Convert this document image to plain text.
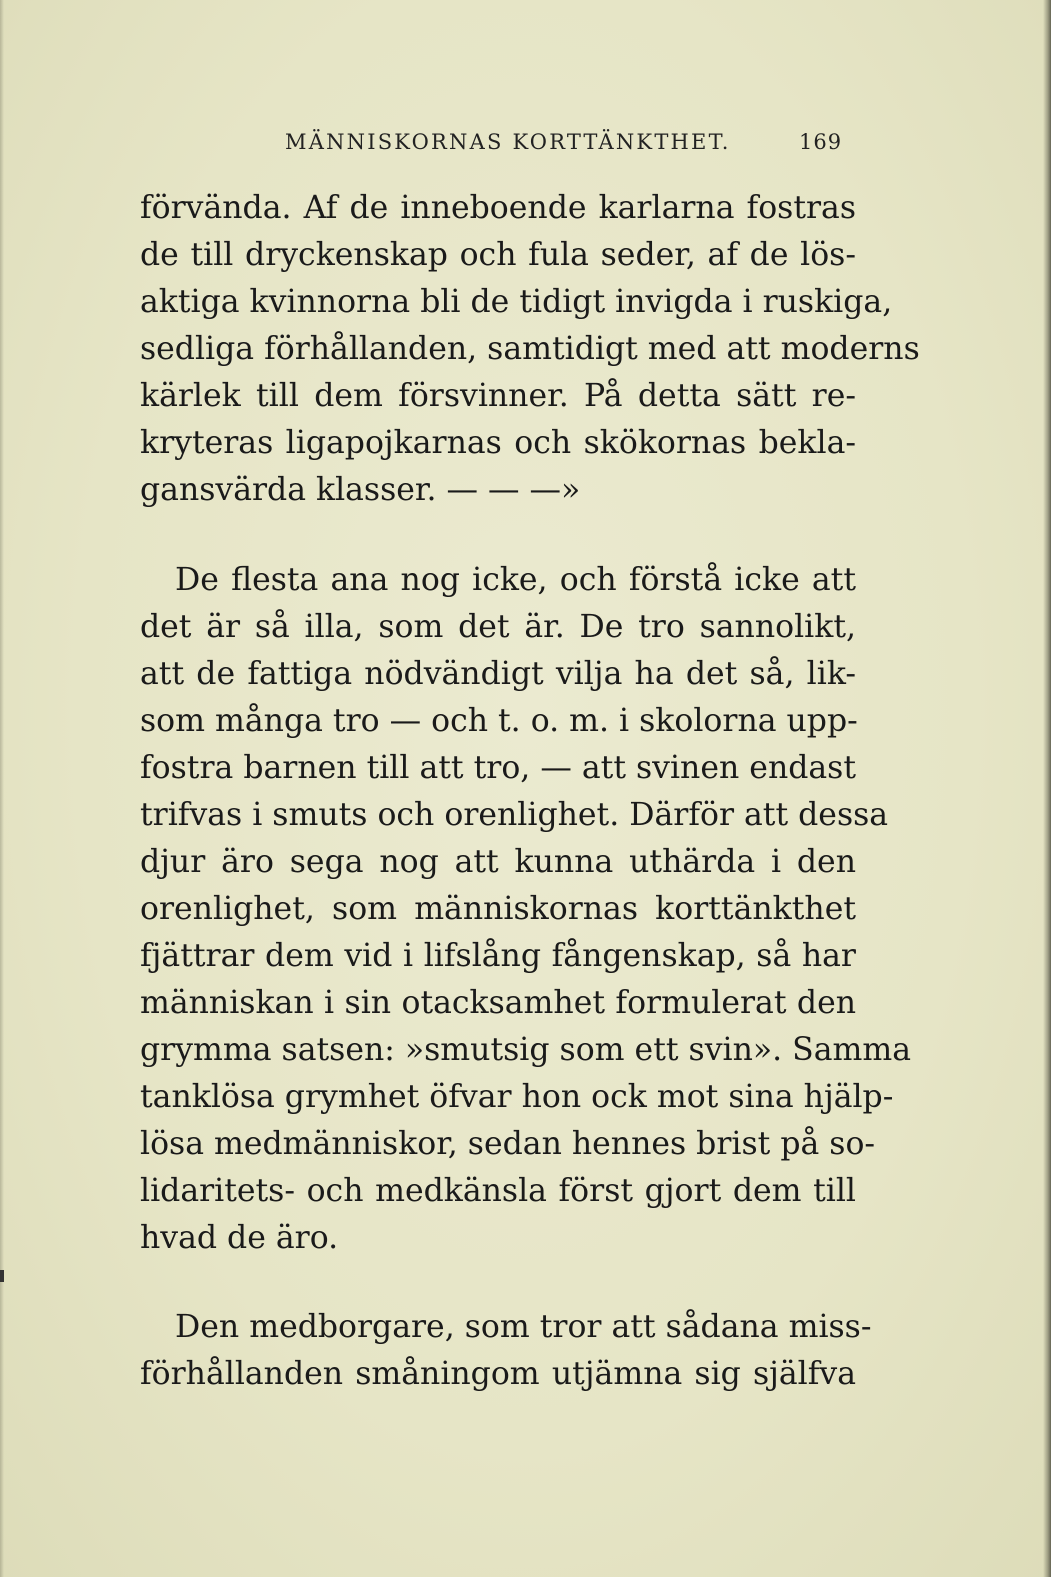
MÄNNISKORNAS KORTTÄNKTHET.	169
förvända. Af de inneboende karlarna fostras
de till dryckenskap och fula seder, af de lös-
aktiga kvinnorna bli de tidigt invigda i ruskiga,
sedliga förhållanden, samtidigt med att moderns
kärlek till dem försvinner. På detta sätt re-
kryteras ligapojkarnas och skökornas bekla-
gansvärda klasser. — — —»
De flesta ana nog icke, och förstå icke att
det är så illa, som det är. De tro sannolikt,
att de fattiga nödvändigt vilja ha det så, lik-
som många tro — och t. o. m. i skolorna upp-
fostra barnen till att tro, — att svinen endast
trifvas i smuts och orenlighet. Därför att dessa
djur äro sega nog att kunna uthärda i den
orenlighet, som människornas korttänkthet
fjättrar dem vid i lifslång fångenskap, så har
människan i sin otacksamhet formulerat den
grymma satsen: »smutsig som ett svin». Samma
tanklösa grymhet öfvar hon ock mot sina hjälp-
lösa medmänniskor, sedan hennes brist på so-
lidaritets- och medkänsla först gjort dem till
hvad de äro.
Den medborgare, som tror att sådana miss-
förhållanden småningom utjämna sig själfva
